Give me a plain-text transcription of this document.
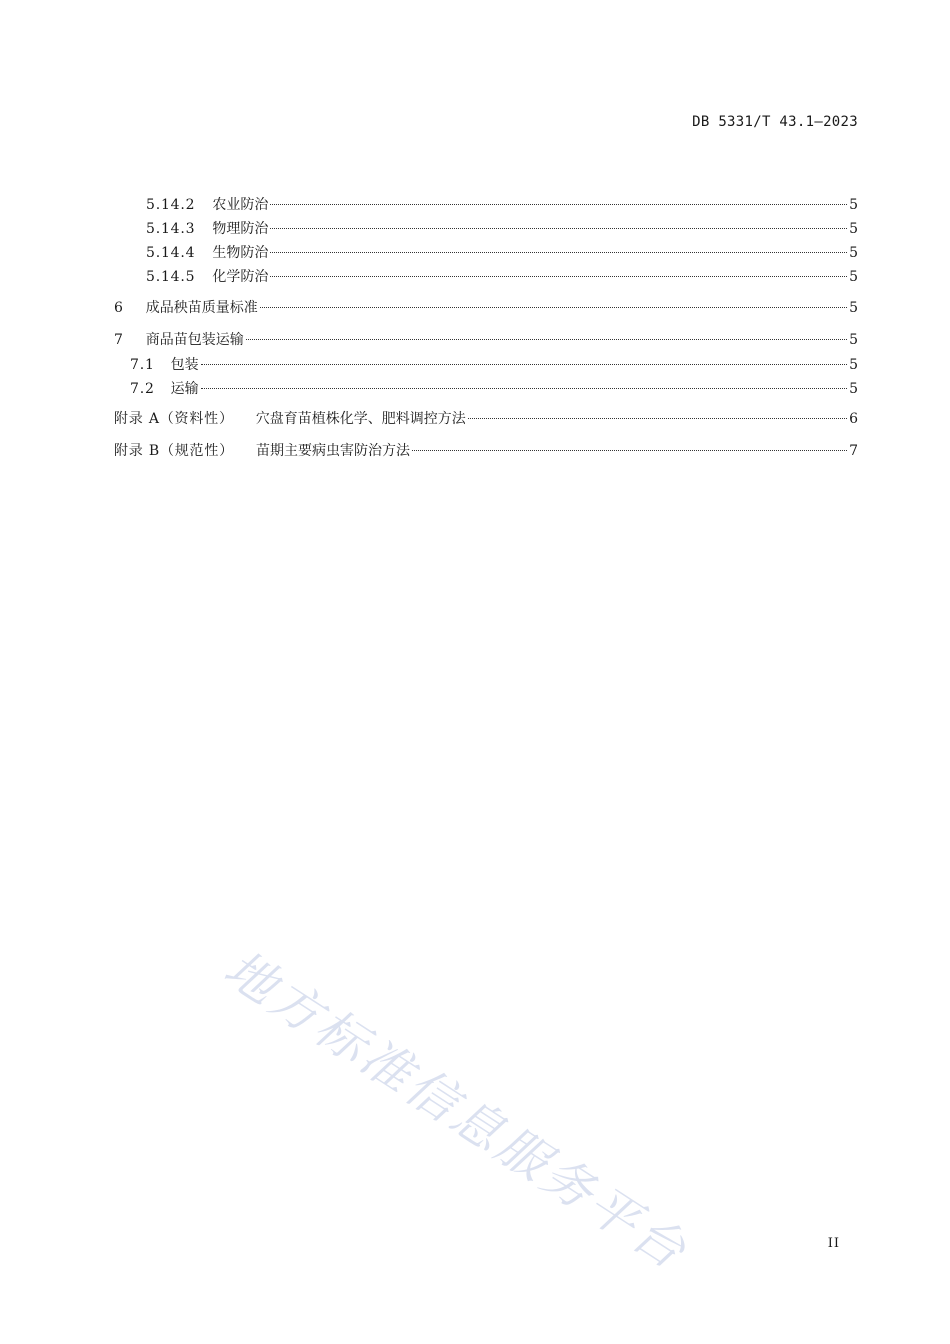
DB 5331/T 43.1—2023
5.14.2 农业防治	5
5.14.3 物理防治	5
5.14.4 生物防治	5
5.14.5 化学防治	5
6 成品秧苗质量标准	5
7 商品苗包装运输	5
7.1 包装	5
7.2 运输	5
附录 A（资料性） 穴盘育苗植株化学、肥料调控方法	6
附录 B（规范性） 苗期主要病虫害防治方法	7
地方标准信息服务平台	II
